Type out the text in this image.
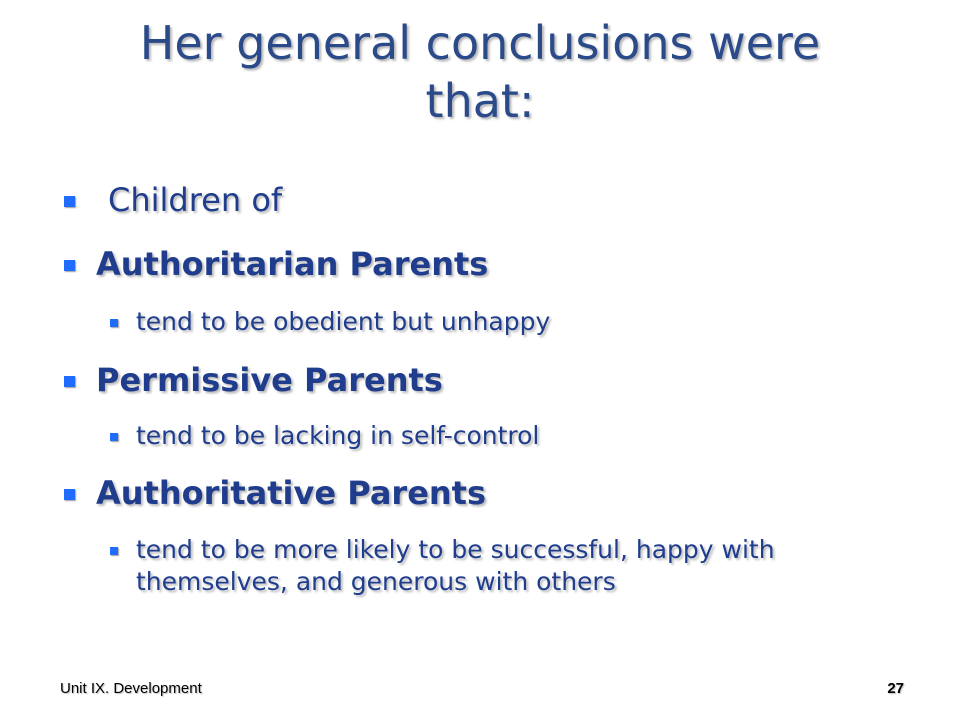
Her general conclusions were
that:
Children of
Authoritarian Parents
tend to be obedient but unhappy
Permissive Parents
tend to be lacking in self-control
Authoritative Parents
tend to be more likely to be successful, happy with themselves, and generous with others
Unit IX. Development	27
